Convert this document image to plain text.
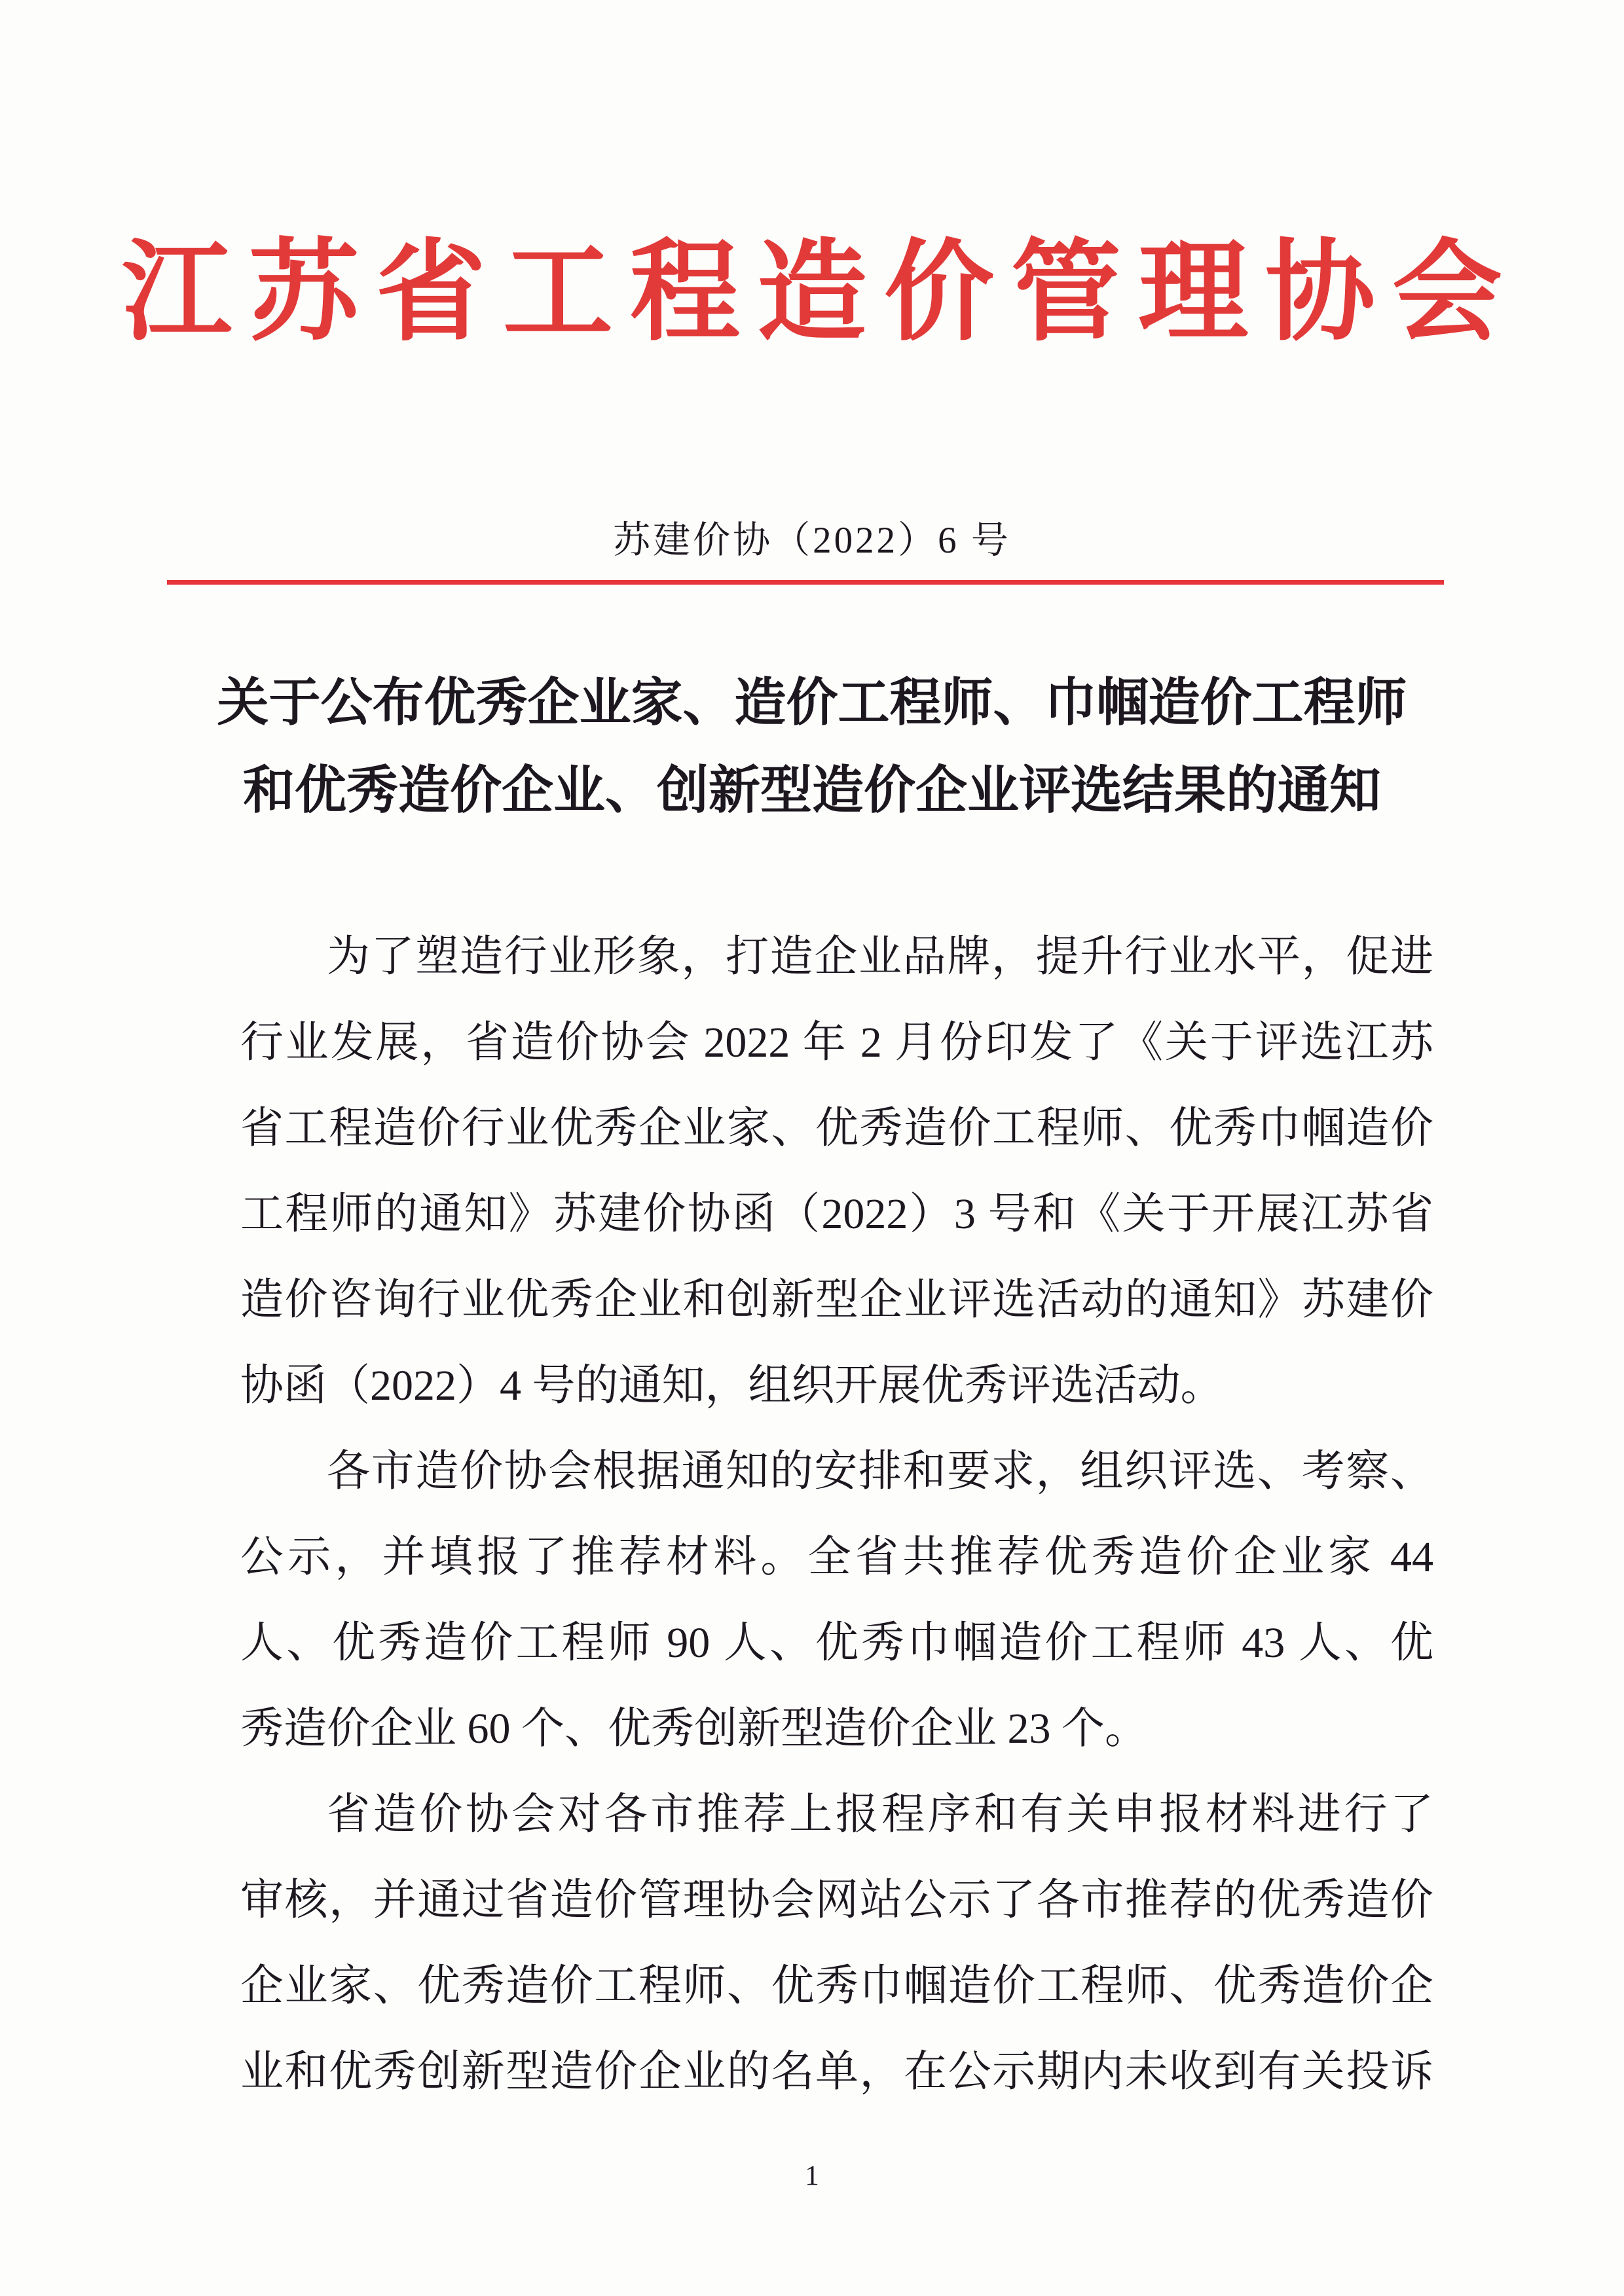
江苏省工程造价管理协会
苏建价协（2022）6 号
关于公布优秀企业家、造价工程师、巾帼造价工程师
和优秀造价企业、创新型造价企业评选结果的通知
为了塑造行业形象，打造企业品牌，提升行业水平，促进
行业发展，省造价协会 2022 年 2 月份印发了《关于评选江苏
省工程造价行业优秀企业家、优秀造价工程师、优秀巾帼造价
工程师的通知》苏建价协函（2022）3 号和《关于开展江苏省
造价咨询行业优秀企业和创新型企业评选活动的通知》苏建价
协函（2022）4 号的通知，组织开展优秀评选活动。
各市造价协会根据通知的安排和要求，组织评选、考察、
公示，并填报了推荐材料。全省共推荐优秀造价企业家 44
人、优秀造价工程师 90 人、优秀巾帼造价工程师 43 人、优
秀造价企业 60 个、优秀创新型造价企业 23 个。
省造价协会对各市推荐上报程序和有关申报材料进行了
审核，并通过省造价管理协会网站公示了各市推荐的优秀造价
企业家、优秀造价工程师、优秀巾帼造价工程师、优秀造价企
业和优秀创新型造价企业的名单，在公示期内未收到有关投诉
1
